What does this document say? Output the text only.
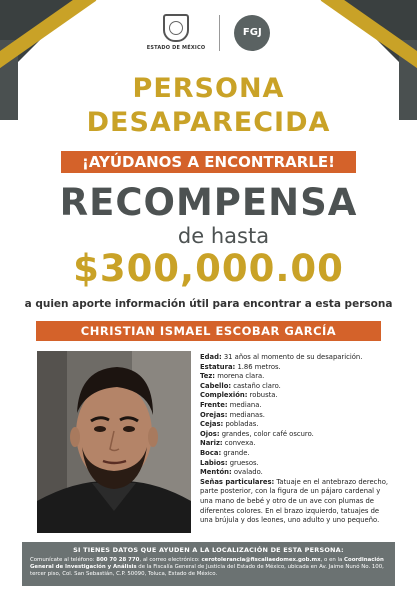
ESTADO DE MÉXICO
FGJ
PERSONA
DESAPARECIDA
¡AYÚDANOS A ENCONTRARLE!
RECOMPENSA
de hasta
$300,000.00
a quien aporte información útil para encontrar a esta persona
CHRISTIAN ISMAEL ESCOBAR GARCÍA

Edad: 31 años al momento de su desaparición.

Estatura: 1.86 metros.

Tez: morena clara.

Cabello: castaño claro.

Complexión: robusta.

Frente: mediana.

Orejas: medianas.

Cejas: pobladas.

Ojos: grandes, color café oscuro.

Nariz: convexa.

Boca: grande.

Labios: gruesos.

Mentón: ovalado.

Señas particulares: Tatuaje en el antebrazo derecho, parte posterior, con la figura de un pájaro cardenal y una mano de bebé y otro de un ave con plumas de diferentes colores. En el brazo izquierdo, tatuajes de una brújula y dos leones, uno adulto y uno pequeño.

SI TIENES DATOS QUE AYUDEN A LA LOCALIZACIÓN DE ESTA PERSONA:
Comunícate al teléfono: 800 70 28 770, al correo electrónico: cerotolerancia@fiscaliaedomex.gob.mx, o en la Coordinación General de Investigación y Análisis de la Fiscalía General de Justicia del Estado de México, ubicada en Av. Jaime Nunó No. 100, tercer piso, Col. San Sebastián, C.P. 50090, Toluca, Estado de México.
